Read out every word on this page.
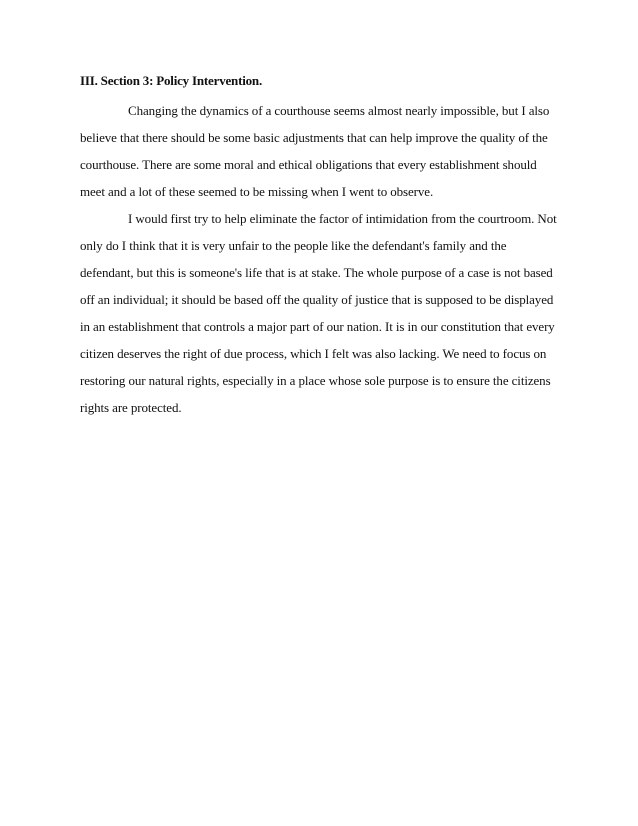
III. Section 3: Policy Intervention.

Changing the dynamics of a courthouse seems almost nearly impossible, but I also believe that there should be some basic adjustments that can help improve the quality of the courthouse. There are some moral and ethical obligations that every establishment should meet and a lot of these seemed to be missing when I went to observe.

I would first try to help eliminate the factor of intimidation from the courtroom. Not only do I think that it is very unfair to the people like the defendant's family and the defendant, but this is someone's life that is at stake. The whole purpose of a case is not based off an individual; it should be based off the quality of justice that is supposed to be displayed in an establishment that controls a major part of our nation. It is in our constitution that every citizen deserves the right of due process, which I felt was also lacking. We need to focus on restoring our natural rights, especially in a place whose sole purpose is to ensure the citizens rights are protected.
